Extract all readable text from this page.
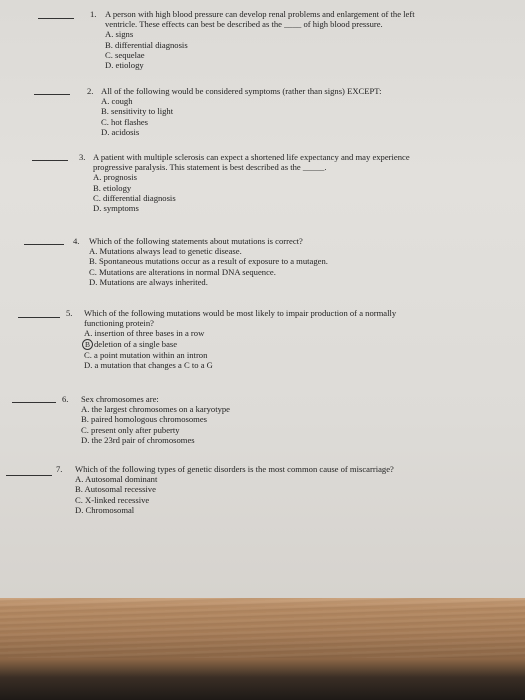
1. A person with high blood pressure can develop renal problems and enlargement of the left
ventricle. These effects can best be described as the ____ of high blood pressure.
A. signs
B. differential diagnosis
C. sequelae
D. etiology
2. All of the following would be considered symptoms (rather than signs) EXCEPT:
A. cough
B. sensitivity to light
C. hot flashes
D. acidosis
3. A patient with multiple sclerosis can expect a shortened life expectancy and may experience
progressive paralysis. This statement is best described as the _____.
A. prognosis
B. etiology
C. differential diagnosis
D. symptoms
4. Which of the following statements about mutations is correct?
A. Mutations always lead to genetic disease.
B. Spontaneous mutations occur as a result of exposure to a mutagen.
C. Mutations are alterations in normal DNA sequence.
D. Mutations are always inherited.
5. Which of the following mutations would be most likely to impair production of a normally
functioning protein?
A. insertion of three bases in a row
B deletion of a single base
C. a point mutation within an intron
D. a mutation that changes a C to a G
6. Sex chromosomes are:
A. the largest chromosomes on a karyotype
B. paired homologous chromosomes
C. present only after puberty
D. the 23rd pair of chromosomes
7. Which of the following types of genetic disorders is the most common cause of miscarriage?
A. Autosomal dominant
B. Autosomal recessive
C. X-linked recessive
D. Chromosomal
